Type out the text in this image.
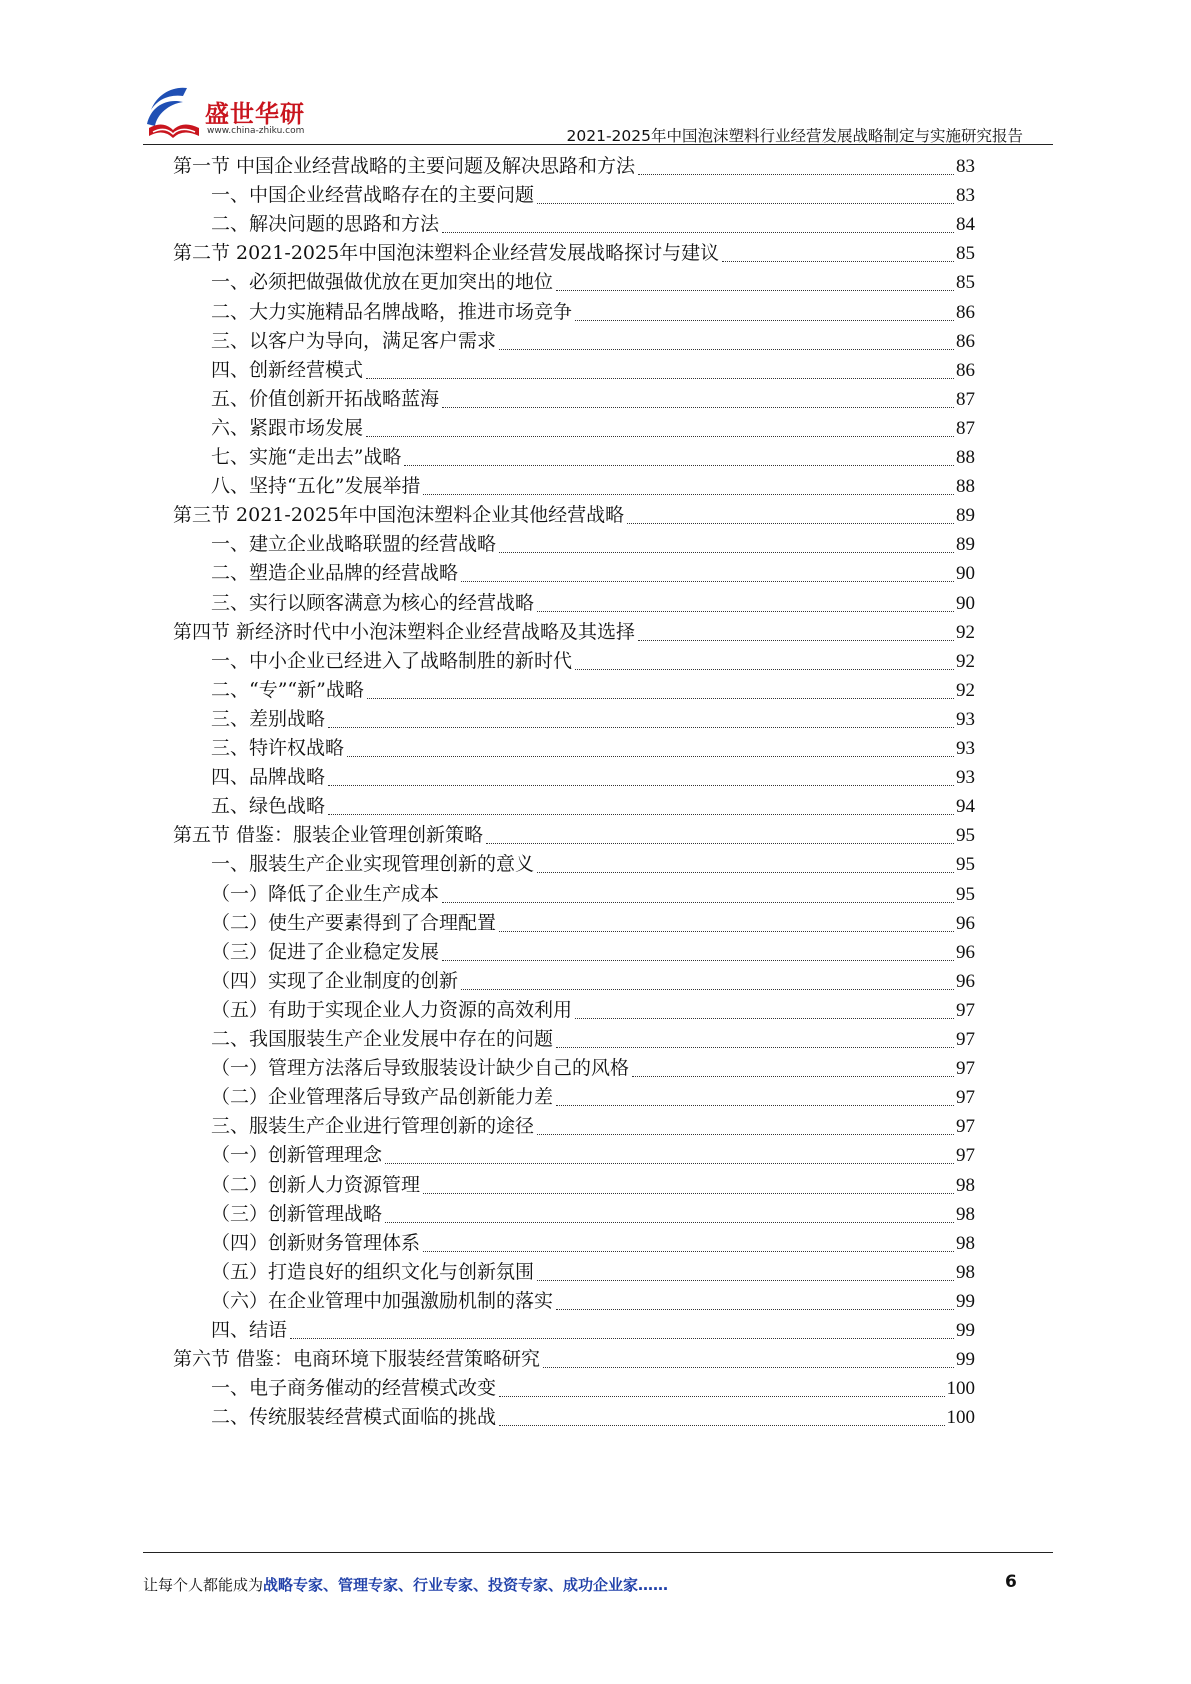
盛世华研
www.china-zhiku.com	2021-2025年中国泡沫塑料行业经营发展战略制定与实施研究报告
第一节 中国企业经营战略的主要问题及解决思路和方法	83
一、中国企业经营战略存在的主要问题	83
二、解决问题的思路和方法	84
第二节 2021-2025年中国泡沫塑料企业经营发展战略探讨与建议	85
一、必须把做强做优放在更加突出的地位	85
二、大力实施精品名牌战略，推进市场竞争	86
三、以客户为导向，满足客户需求	86
四、创新经营模式	86
五、价值创新开拓战略蓝海	87
六、紧跟市场发展	87
七、实施“走出去”战略	88
八、坚持“五化”发展举措	88
第三节 2021-2025年中国泡沫塑料企业其他经营战略	89
一、建立企业战略联盟的经营战略	89
二、塑造企业品牌的经营战略	90
三、实行以顾客满意为核心的经营战略	90
第四节 新经济时代中小泡沫塑料企业经营战略及其选择	92
一、中小企业已经进入了战略制胜的新时代	92
二、“专”“新”战略	92
三、差别战略	93
三、特许权战略	93
四、品牌战略	93
五、绿色战略	94
第五节 借鉴：服装企业管理创新策略	95
一、服装生产企业实现管理创新的意义	95
（一）降低了企业生产成本	95
（二）使生产要素得到了合理配置	96
（三）促进了企业稳定发展	96
（四）实现了企业制度的创新	96
（五）有助于实现企业人力资源的高效利用	97
二、我国服装生产企业发展中存在的问题	97
（一）管理方法落后导致服装设计缺少自己的风格	97
（二）企业管理落后导致产品创新能力差	97
三、服装生产企业进行管理创新的途径	97
（一）创新管理理念	97
（二）创新人力资源管理	98
（三）创新管理战略	98
（四）创新财务管理体系	98
（五）打造良好的组织文化与创新氛围	98
（六）在企业管理中加强激励机制的落实	99
四、结语	99
第六节 借鉴：电商环境下服装经营策略研究	99
一、电子商务催动的经营模式改变	100
二、传统服装经营模式面临的挑战	100
让每个人都能成为战略专家、管理专家、行业专家、投资专家、成功企业家……	6
